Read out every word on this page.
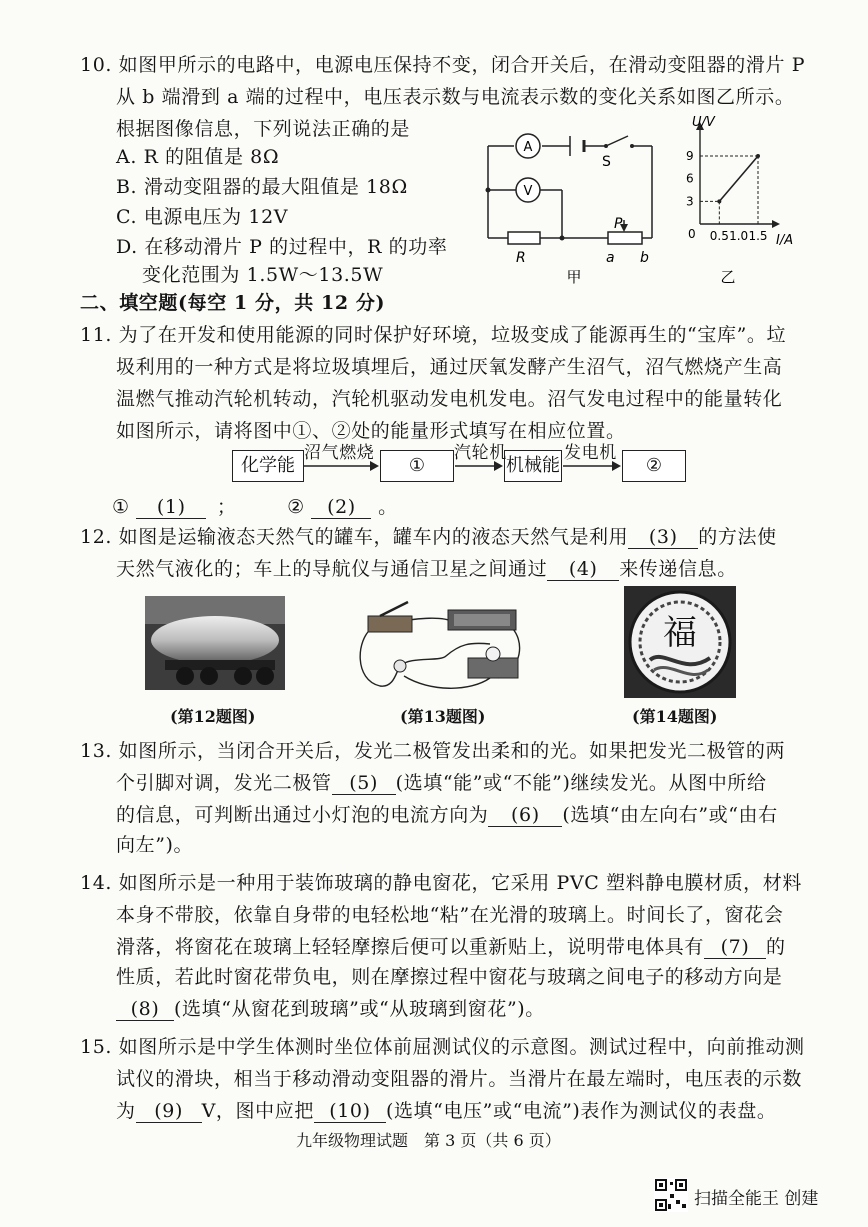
10. 如图甲所示的电路中，电源电压保持不变，闭合开关后，在滑动变阻器的滑片 P
从 b 端滑到 a 端的过程中，电压表示数与电流表示数的变化关系如图乙所示。
根据图像信息，下列说法正确的是
A. R 的阻值是 8Ω
B. 滑动变阻器的最大阻值是 18Ω
C. 电源电压为 12V
D. 在移动滑片 P 的过程中，R 的功率
变化范围为 1.5W～13.5W
A
V
S
R
P
a b
甲
U/V
I/A
0
3
6
9
0.5 1.0 1.5
乙
二、填空题(每空 1 分，共 12 分)
11. 为了在开发和使用能源的同时保护好环境，垃圾变成了能源再生的“宝库”。垃
圾利用的一种方式是将垃圾填埋后，通过厌氧发酵产生沼气，沼气燃烧产生高
温燃气推动汽轮机转动，汽轮机驱动发电机发电。沼气发电过程中的能量转化
如图所示，请将图中①、②处的能量形式填写在相应位置。
化学能	①	机械能	②
沼气燃烧	汽轮机	发电机
① (1) ；	② (2) 。
12. 如图是运输液态天然气的罐车，罐车内的液态天然气是利用 (3) 的方法使
天然气液化的；车上的导航仪与通信卫星之间通过 (4) 来传递信息。
(第12题图)	(第13题图)
福
(第14题图)
13. 如图所示，当闭合开关后，发光二极管发出柔和的光。如果把发光二极管的两
个引脚对调，发光二极管 (5) (选填“能”或“不能”)继续发光。从图中所给
的信息，可判断出通过小灯泡的电流方向为 (6) (选填“由左向右”或“由右
向左”)。
14. 如图所示是一种用于装饰玻璃的静电窗花，它采用 PVC 塑料静电膜材质，材料
本身不带胶，依靠自身带的电轻松地“粘”在光滑的玻璃上。时间长了，窗花会
滑落，将窗花在玻璃上轻轻摩擦后便可以重新贴上，说明带电体具有 (7) 的
性质，若此时窗花带负电，则在摩擦过程中窗花与玻璃之间电子的移动方向是
(8) (选填“从窗花到玻璃”或“从玻璃到窗花”)。
15. 如图所示是中学生体测时坐位体前屈测试仪的示意图。测试过程中，向前推动测
试仪的滑块，相当于移动滑动变阻器的滑片。当滑片在最左端时，电压表的示数
为 (9) V，图中应把 (10) (选填“电压”或“电流”)表作为测试仪的表盘。
九年级物理试题　第 3 页（共 6 页）
扫描全能王 创建
